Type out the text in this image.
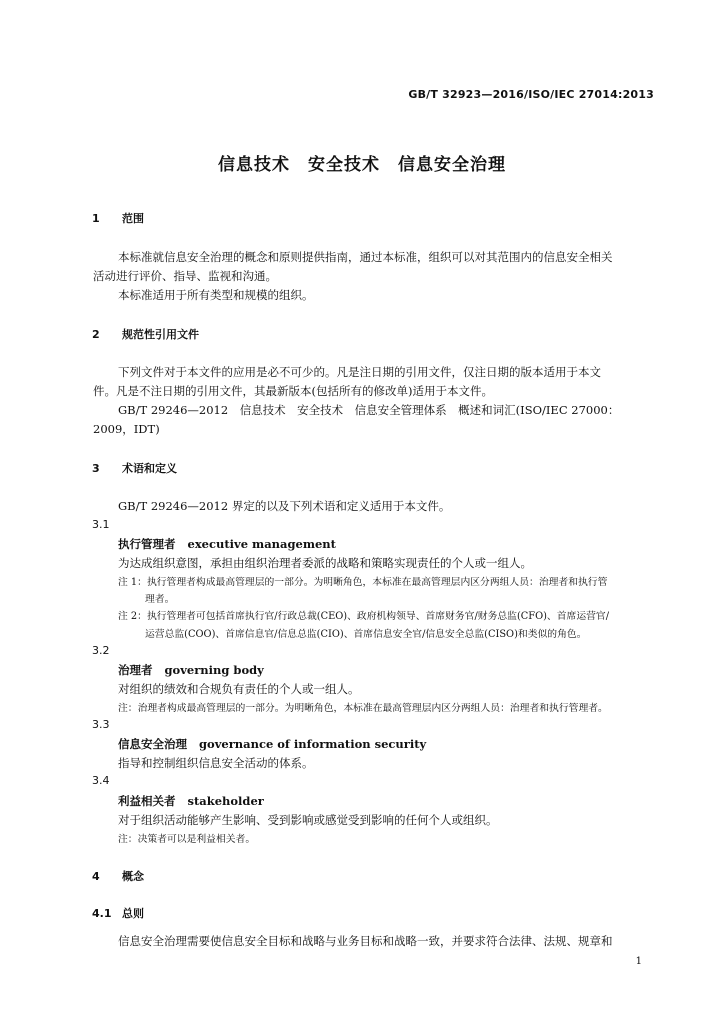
GB/T 32923—2016/ISO/IEC 27014:2013
信息技术　安全技术　信息安全治理
1 范围
本标准就信息安全治理的概念和原则提供指南，通过本标准，组织可以对其范围内的信息安全相关
活动进行评价、指导、监视和沟通。
本标准适用于所有类型和规模的组织。
2 规范性引用文件
下列文件对于本文件的应用是必不可少的。凡是注日期的引用文件，仅注日期的版本适用于本文
件。凡是不注日期的引用文件，其最新版本(包括所有的修改单)适用于本文件。
GB/T 29246—2012　信息技术　安全技术　信息安全管理体系　概述和词汇(ISO/IEC 27000：
2009，IDT)
3 术语和定义
GB/T 29246—2012 界定的以及下列术语和定义适用于本文件。
3.1
执行管理者 executive management
为达成组织意图，承担由组织治理者委派的战略和策略实现责任的个人或一组人。
注 1：执行管理者构成最高管理层的一部分。为明晰角色，本标准在最高管理层内区分两组人员：治理者和执行管
理者。
注 2：执行管理者可包括首席执行官/行政总裁(CEO)、政府机构领导、首席财务官/财务总监(CFO)、首席运营官/
运营总监(COO)、首席信息官/信息总监(CIO)、首席信息安全官/信息安全总监(CISO)和类似的角色。
3.2
治理者 governing body
对组织的绩效和合规负有责任的个人或一组人。
注：治理者构成最高管理层的一部分。为明晰角色，本标准在最高管理层内区分两组人员：治理者和执行管理者。
3.3
信息安全治理 governance of information security
指导和控制组织信息安全活动的体系。
3.4
利益相关者 stakeholder
对于组织活动能够产生影响、受到影响或感觉受到影响的任何个人或组织。
注：决策者可以是利益相关者。
4 概念
4.1 总则
信息安全治理需要使信息安全目标和战略与业务目标和战略一致，并要求符合法律、法规、规章和
1
